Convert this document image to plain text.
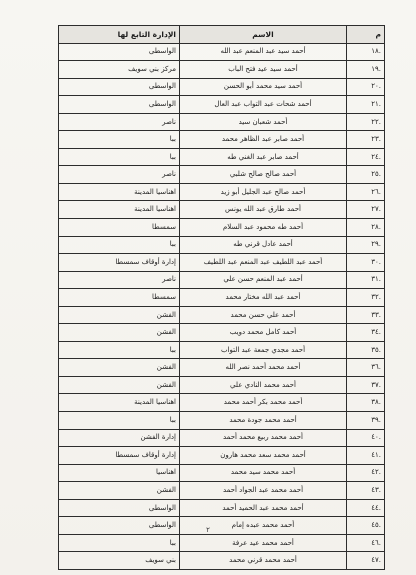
م	الاسم	الإدارة التابع لها
١٨.	أحمد سيد عبد المنعم عبد الله	الواسطى
١٩.	أحمد سيد عيد فتح الباب	مركز بني سويف
٢٠.	أحمد سيد محمد أبو الحسن	الواسطى
٢١.	أحمد شحات عبد التواب عبد العال	الواسطى
٢٢.	أحمد شعبان سيد	ناصر
٢٣.	أحمد صابر عبد الظاهر محمد	ببا
٢٤.	أحمد صابر عبد الغني طه	ببا
٢٥.	أحمد صالح صالح شلبي	ناصر
٢٦.	أحمد صالح عبد الجليل أبو زيد	اهناسيا المدينة
٢٧.	أحمد طارق عبد الله يونس	اهناسيا المدينة
٢٨.	أحمد طه محمود عبد السلام	سمسطا
٢٩.	أحمد عادل قرني طه	ببا
٣٠.	أحمد عبد اللطيف عبد المنعم عبد اللطيف	إدارة أوقاف سمسطا
٣١.	أحمد عبد المنعم حسن علي	ناصر
٣٢.	أحمد عبد الله مختار محمد	سمسطا
٣٣.	أحمد علي حسن محمد	الفشن
٣٤.	أحمد كامل محمد دويب	الفشن
٣٥.	أحمد مجدي جمعة عبد التواب	ببا
٣٦.	أحمد محمد أحمد نصر الله	الفشن
٣٧.	أحمد محمد النادي علي	الفشن
٣٨.	أحمد محمد بكر أحمد محمد	اهناسيا المدينة
٣٩.	أحمد محمد جودة محمد	ببا
٤٠.	أحمد محمد ربيع محمد أحمد	إدارة الفشن
٤١.	أحمد محمد سعد محمد هارون	إدارة أوقاف سمسطا
٤٢.	أحمد محمد سيد محمد	اهناسيا
٤٣.	أحمد محمد عبد الجواد أحمد	الفشن
٤٤.	أحمد محمد عبد الحميد أحمد	الواسطى
٤٥.	أحمد محمد عبده إمام	الواسطى
٤٦.	أحمد محمد عيد عرفة	ببا
٤٧.	أحمد محمد قرني محمد	بني سويف
٢
